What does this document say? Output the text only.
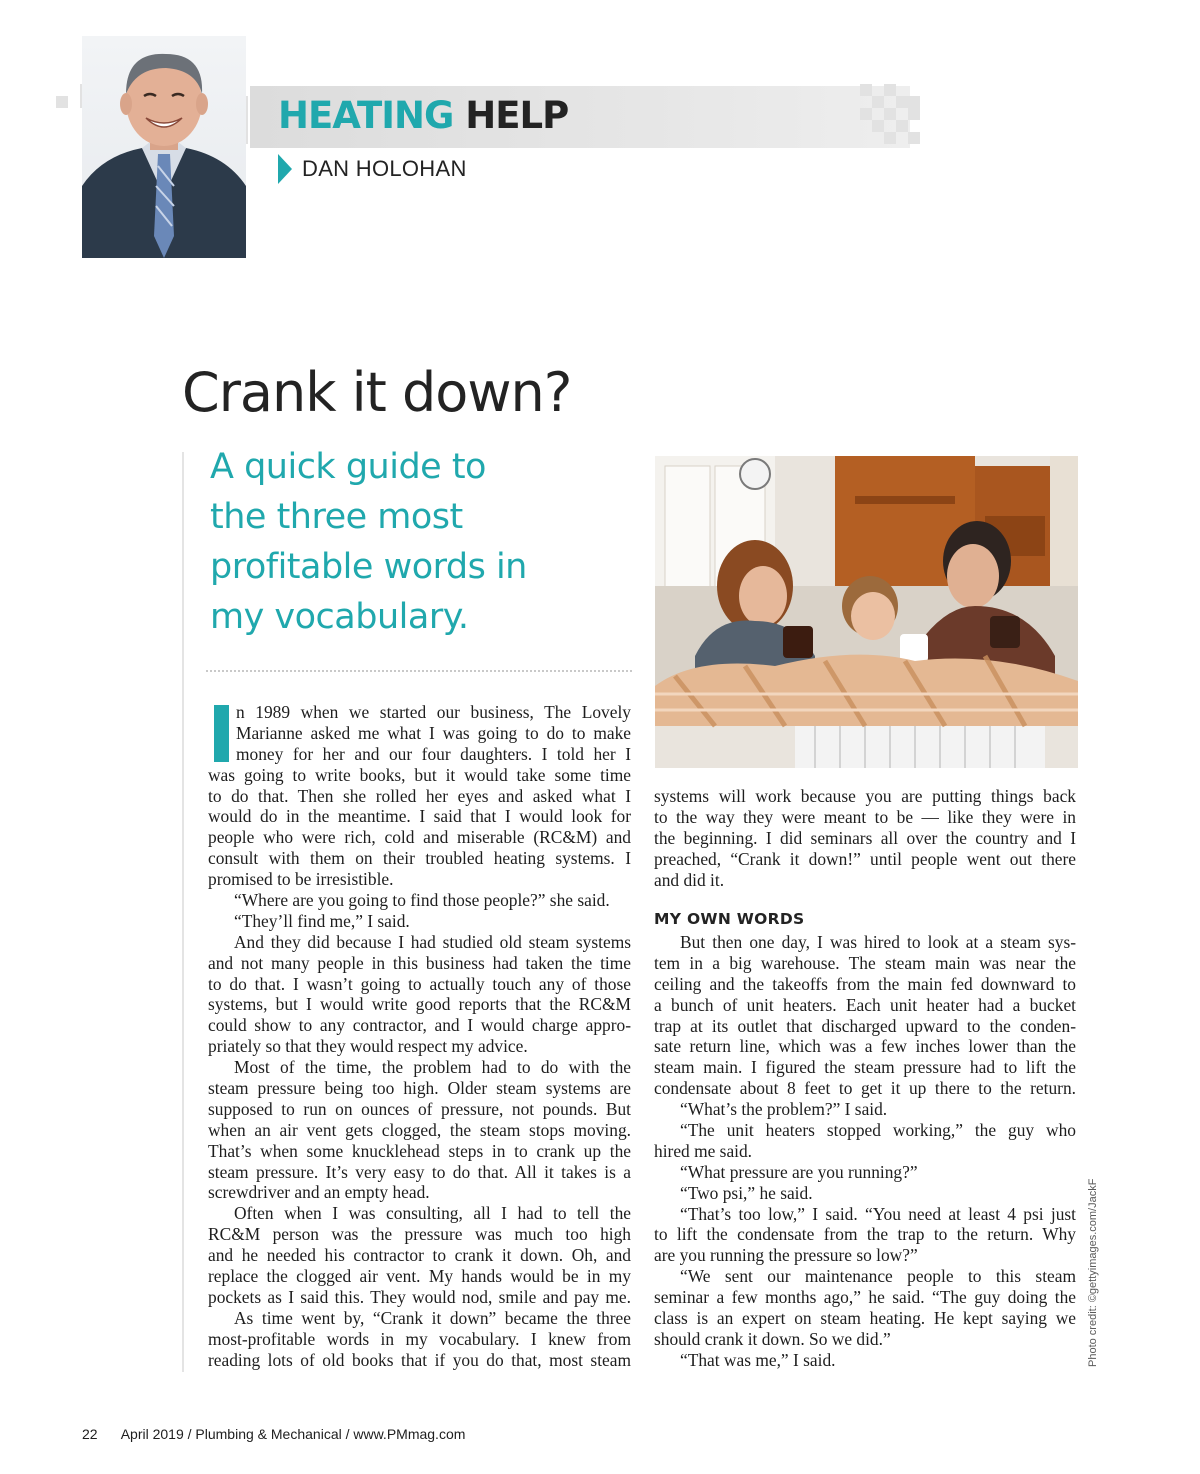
HEATING HELP
DAN HOLOHAN
Crank it down?
A quick guide to
the three most
profitable words in
my vocabulary.
n 1989 when we started our business, The Lovely
Marianne asked me what I was going to do to make
money for her and our four daughters. I told her I
was going to write books, but it would take some time
to do that. Then she rolled her eyes and asked what I
would do in the meantime. I said that I would look for
people who were rich, cold and miserable (RC&M) and
consult with them on their troubled heating systems. I
promised to be irresistible.
“Where are you going to find those people?” she said.
“They’ll find me,” I said.
And they did because I had studied old steam systems
and not many people in this business had taken the time
to do that. I wasn’t going to actually touch any of those
systems, but I would write good reports that the RC&M
could show to any contractor, and I would charge appro-
priately so that they would respect my advice.
Most of the time, the problem had to do with the
steam pressure being too high. Older steam systems are
supposed to run on ounces of pressure, not pounds. But
when an air vent gets clogged, the steam stops moving.
That’s when some knucklehead steps in to crank up the
steam pressure. It’s very easy to do that. All it takes is a
screwdriver and an empty head.
Often when I was consulting, all I had to tell the
RC&M person was the pressure was much too high
and he needed his contractor to crank it down. Oh, and
replace the clogged air vent. My hands would be in my
pockets as I said this. They would nod, smile and pay me.
As time went by, “Crank it down” became the three
most-profitable words in my vocabulary. I knew from
reading lots of old books that if you do that, most steam
systems will work because you are putting things back
to the way they were meant to be — like they were in
the beginning. I did seminars all over the country and I
preached, “Crank it down!” until people went out there
and did it.
MY OWN WORDS
But then one day, I was hired to look at a steam sys-
tem in a big warehouse. The steam main was near the
ceiling and the takeoffs from the main fed downward to
a bunch of unit heaters. Each unit heater had a bucket
trap at its outlet that discharged upward to the conden-
sate return line, which was a few inches lower than the
steam main. I figured the steam pressure had to lift the
condensate about 8 feet to get it up there to the return.
“What’s the problem?” I said.
“The unit heaters stopped working,” the guy who
hired me said.
“What pressure are you running?”
“Two psi,” he said.
“That’s too low,” I said. “You need at least 4 psi just
to lift the condensate from the trap to the return. Why
are you running the pressure so low?”
“We sent our maintenance people to this steam
seminar a few months ago,” he said. “The guy doing the
class is an expert on steam heating. He kept saying we
should crank it down. So we did.”
“That was me,” I said.	Photo credit: ©gettyimages.com/JackF
22 April 2019 / Plumbing & Mechanical / www.PMmag.com
